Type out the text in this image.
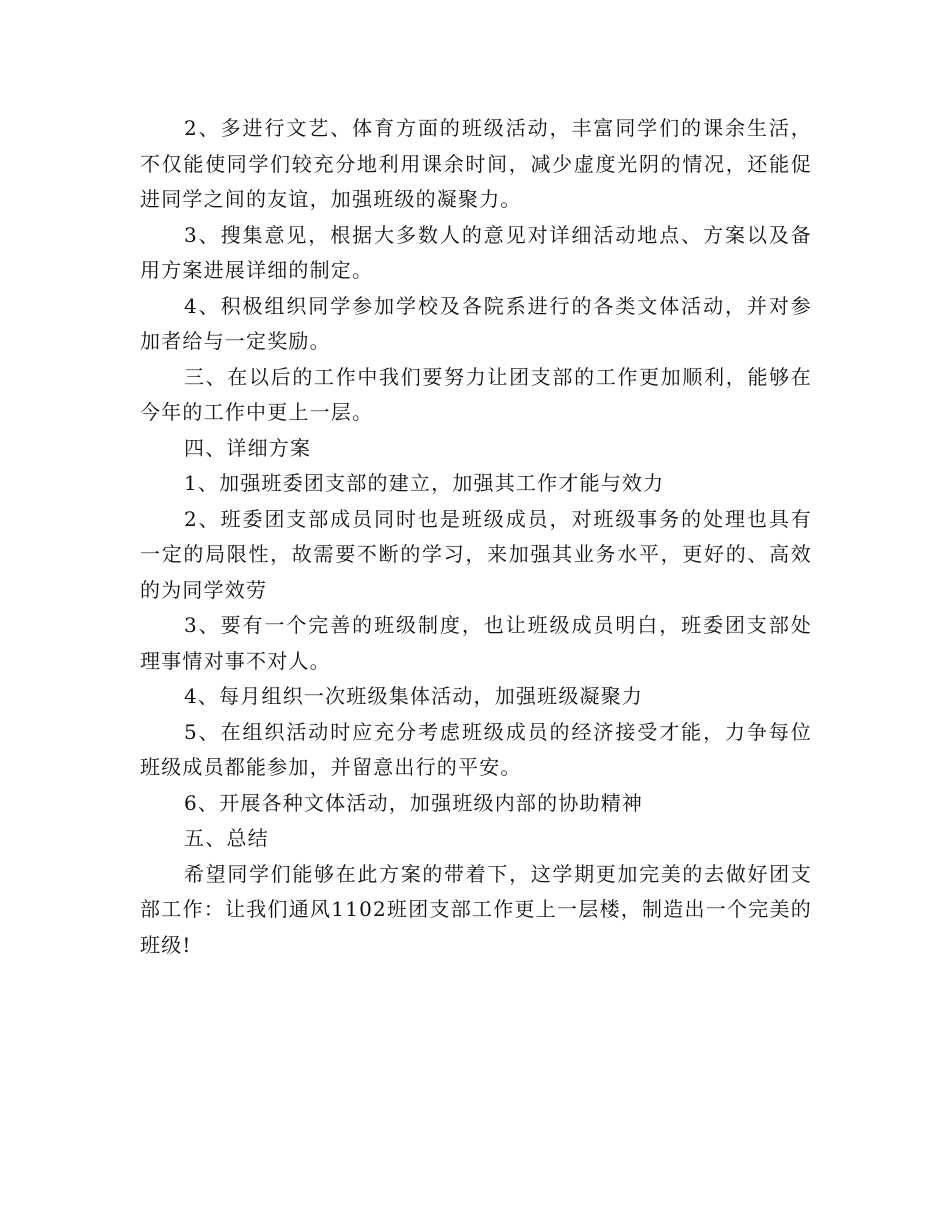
2、多进行文艺、体育方面的班级活动，丰富同学们的课余生活，不仅能使同学们较充分地利用课余时间，减少虚度光阴的情况，还能促进同学之间的友谊，加强班级的凝聚力。

3、搜集意见，根据大多数人的意见对详细活动地点、方案以及备用方案进展详细的制定。

4、积极组织同学参加学校及各院系进行的各类文体活动，并对参加者给与一定奖励。

三、在以后的工作中我们要努力让团支部的工作更加顺利，能够在今年的工作中更上一层。

四、详细方案

1、加强班委团支部的建立，加强其工作才能与效力

2、班委团支部成员同时也是班级成员，对班级事务的处理也具有一定的局限性，故需要不断的学习，来加强其业务水平，更好的、高效的为同学效劳

3、要有一个完善的班级制度，也让班级成员明白，班委团支部处理事情对事不对人。

4、每月组织一次班级集体活动，加强班级凝聚力

5、在组织活动时应充分考虑班级成员的经济接受才能，力争每位班级成员都能参加，并留意出行的平安。

6、开展各种文体活动，加强班级内部的协助精神

五、总结

希望同学们能够在此方案的带着下，这学期更加完美的去做好团支部工作：让我们通风1102班团支部工作更上一层楼，制造出一个完美的班级!
